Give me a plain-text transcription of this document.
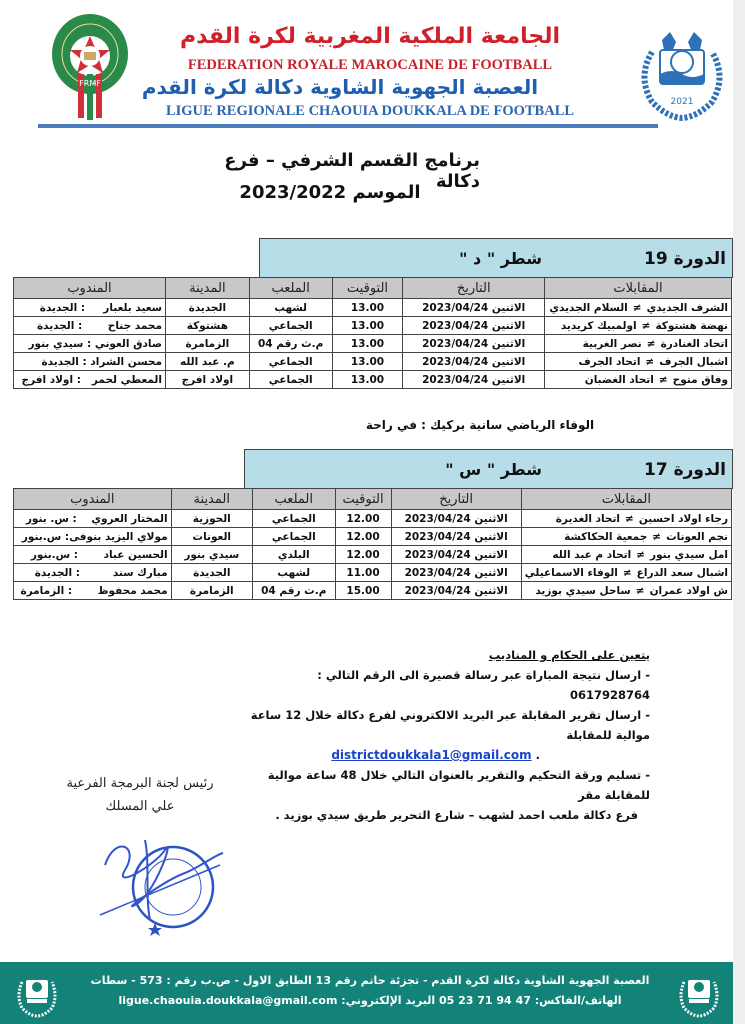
FRMF
2021
الجامعة الملكية المغربية لكرة القدم
FEDERATION ROYALE MAROCAINE DE FOOTBALL
العصبة الجهوية الشاوية دكالة لكرة القدم
LIGUE REGIONALE CHAOUIA DOUKKALA DE FOOTBALL
برنامج القسم الشرفي – فرع دكالة
الموسم 2023/2022
الدورة 19
شطر " د "
المقابلات	التاريخ	التوقيت	الملعب	المدينة	المندوب
الشرف الجديدي≠السلام الجديدي	الاثنين 2023/04/24	13.00	لشهب	الجديدة	سعيد بلعبار     : الجديدة
نهضة هشتوكة≠اولمبيك كريديد	الاثنين 2023/04/24	13.00	الجماعي	هشتوكة	محمد جناح       : الجديدة
اتحاد الغنادرة≠نصر الغربية	الاثنين 2023/04/24	13.00	م.ث رقم 04	الزمامرة	صادق العوني : سيدي بنور
اشبال الجرف≠اتحاد الجرف	الاثنين 2023/04/24	13.00	الجماعي	م. عبد الله	محسن الشراد : الجديدة
وفاق متوح≠اتحاد الغضبان	الاثنين 2023/04/24	13.00	الجماعي	اولاد افرج	المعطي لحمر   : اولاد افرج
الوفاء الرياضي سانية بركيك : في راحة
الدورة 17
شطر " س "
المقابلات	التاريخ	التوقيت	الملعب	المدينة	المندوب
رجاء اولاد احسين≠اتحاد الغديرة	الاثنين 2023/04/24	12.00	الجماعي	الحوزية	المختار العروي    : س. بنور
نجم العونات≠جمعية الحكاكشة	الاثنين 2023/04/24	12.00	الجماعي	العونات	مولاي اليزيد بنوفى: س.بنور
امل سيدي بنور≠اتحاد م عبد الله	الاثنين 2023/04/24	12.00	البلدي	سيدي بنور	الحسين عباد       : س.بنور
اشبال سعد الدراع≠الوفاء الاسماعيلي	الاثنين 2023/04/24	11.00	لشهب	الجديدة	مبارك سند         : الجديدة
ش اولاد عمران≠ساحل سيدي بوزيد	الاثنين 2023/04/24	15.00	م.ت رقم 04	الزمامرة	محمد محفوظ       : الزمامرة
يتعين على الحكام و المناديب
- ارسال نتيجة المباراة عبر رسالة قصيرة الى الرقم التالي : 0617928764
- ارسال تقرير المقابلة عبر البريد الالكتروني لفرع دكالة خلال 12 ساعة موالية للمقابلة
. districtdoukkala1@gmail.com
- تسليم ورقة التحكيم والتقرير بالعنوان التالي خلال 48 ساعة موالية للمقابلة مقر
فرع دكالة ملعب احمد لشهب – شارع التحرير طريق سيدي بوزيد .
رئيس لجنة البرمجة الفرعية
علي المسلك
العصبة الجهوية الشاوية دكالة لكرة القدم - تجزئة حاتم رقم 13 الطابق الاول - ص.ب رقم : 573 - سطات
الهاتف/الفاكس: 47 94 71 23 05 البريد الإلكتروني: ligue.chaouia.doukkala@gmail.com
